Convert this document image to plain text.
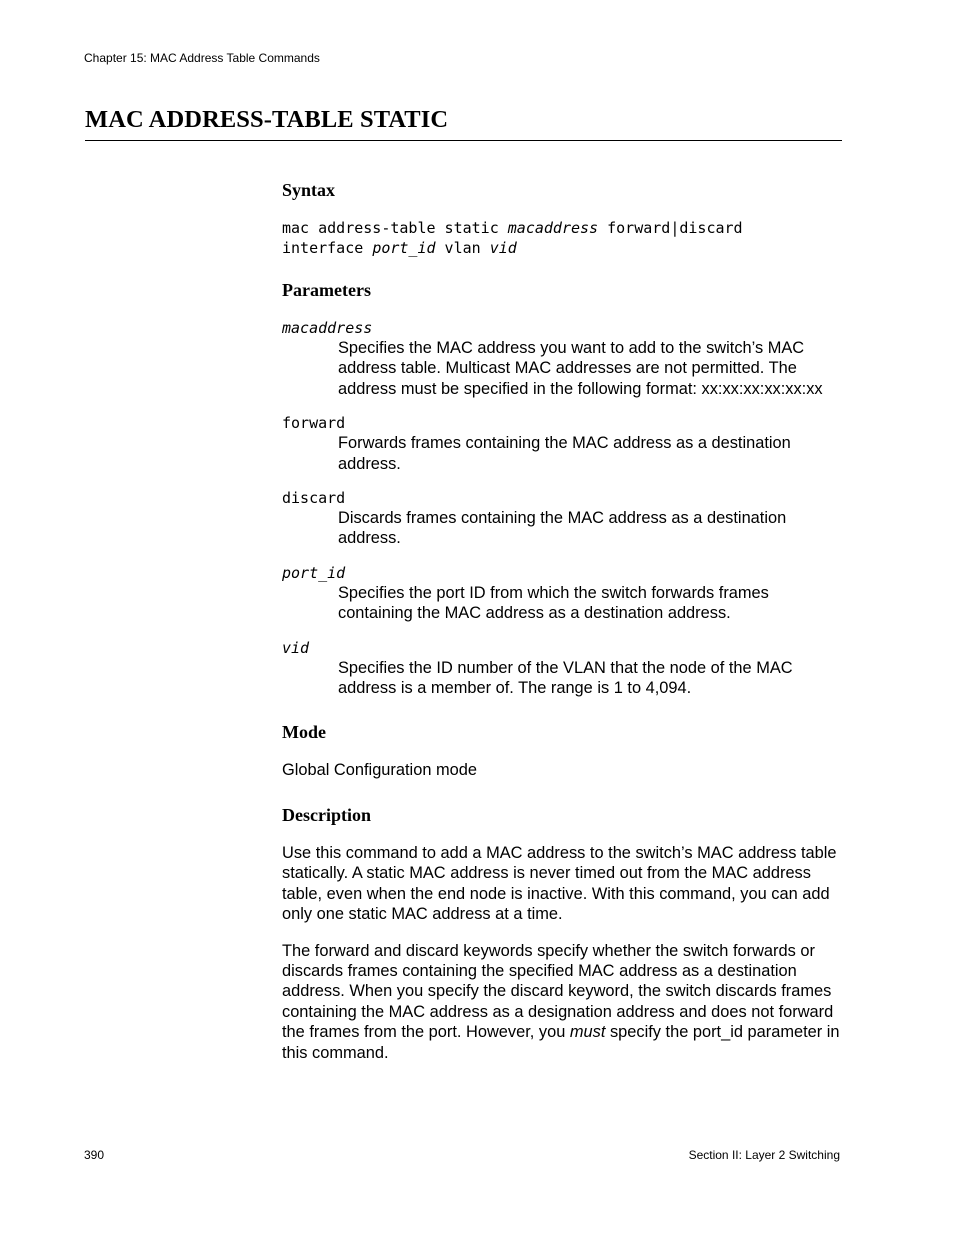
Chapter 15: MAC Address Table Commands
MAC ADDRESS-TABLE STATIC
Syntax
mac address-table static macaddress forward|discard
interface port_id vlan vid
Parameters
macaddress
Specifies the MAC address you want to add to the switch’s MAC address table. Multicast MAC addresses are not permitted. The address must be specified in the following format: xx:xx:xx:xx:xx:xx
forward
Forwards frames containing the MAC address as a destination address.
discard
Discards frames containing the MAC address as a destination address.
port_id
Specifies the port ID from which the switch forwards frames containing the MAC address as a destination address.
vid
Specifies the ID number of the VLAN that the node of the MAC address is a member of. The range is 1 to 4,094.
Mode
Global Configuration mode
Description
Use this command to add a MAC address to the switch’s MAC address table statically. A static MAC address is never timed out from the MAC address table, even when the end node is inactive. With this command, you can add only one static MAC address at a time.
The forward and discard keywords specify whether the switch forwards or discards frames containing the specified MAC address as a destination address. When you specify the discard keyword, the switch discards frames containing the MAC address as a designation address and does not forward the frames from the port. However, you must specify the port_id parameter in this command.
390	Section II: Layer 2 Switching
